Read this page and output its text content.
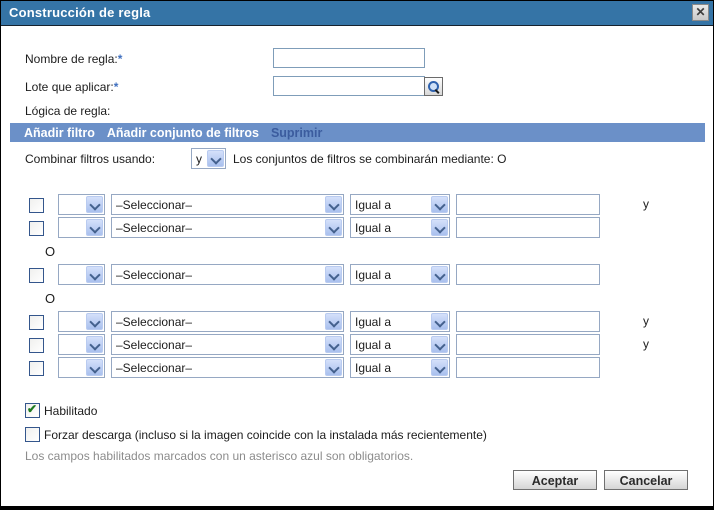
Construcción de regla	✕
Nombre de regla:*
Lote que aplicar:*
Lógica de regla:
Añadir filtro Añadir conjunto de filtros Suprimir
Combinar filtros usando:	y	Los conjuntos de filtros se combinarán mediante: O
–Seleccionar–	Igual a	y
–Seleccionar–	Igual a
O
–Seleccionar–	Igual a
O
–Seleccionar–	Igual a	y
–Seleccionar–	Igual a	y
–Seleccionar–	Igual a
✔ Habilitado
Forzar descarga (incluso si la imagen coincide con la instalada más recientemente)
Los campos habilitados marcados con un asterisco azul son obligatorios.
Aceptar	Cancelar
